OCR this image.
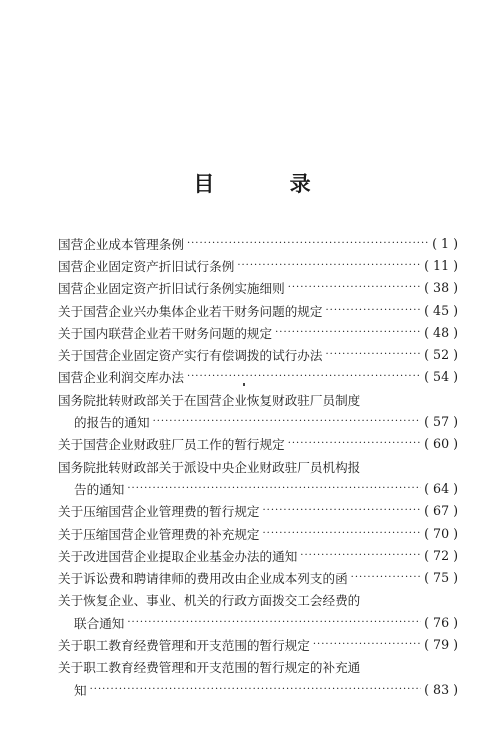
目 录
国营企业成本管理条例 ·····	( 1 )
国营企业固定资产折旧试行条例 ·····	( 11 )
国营企业固定资产折旧试行条例实施细则 ·····	( 38 )
关于国营企业兴办集体企业若干财务问题的规定 ·····	( 45 )
关于国内联营企业若干财务问题的规定 ·····	( 48 )
关于国营企业固定资产实行有偿调拨的试行办法 ·····	( 52 )
国营企业利润交库办法 ·····	( 54 )
国务院批转财政部关于在国营企业恢复财政驻厂员制度
的报告的通知 ·····	( 57 )
关于国营企业财政驻厂员工作的暂行规定 ·····	( 60 )
国务院批转财政部关于派设中央企业财政驻厂员机构报
告的通知 ·····	( 64 )
关于压缩国营企业管理费的暂行规定 ·····	( 67 )
关于压缩国营企业管理费的补充规定 ·····	( 70 )
关于改进国营企业提取企业基金办法的通知 ·····	( 72 )
关于诉讼费和聘请律师的费用改由企业成本列支的函 ·····	( 75 )
关于恢复企业、事业、机关的行政方面拨交工会经费的
联合通知 ·····	( 76 )
关于职工教育经费管理和开支范围的暂行规定 ·····	( 79 )
关于职工教育经费管理和开支范围的暂行规定的补充通
知 ·····	( 83 )
